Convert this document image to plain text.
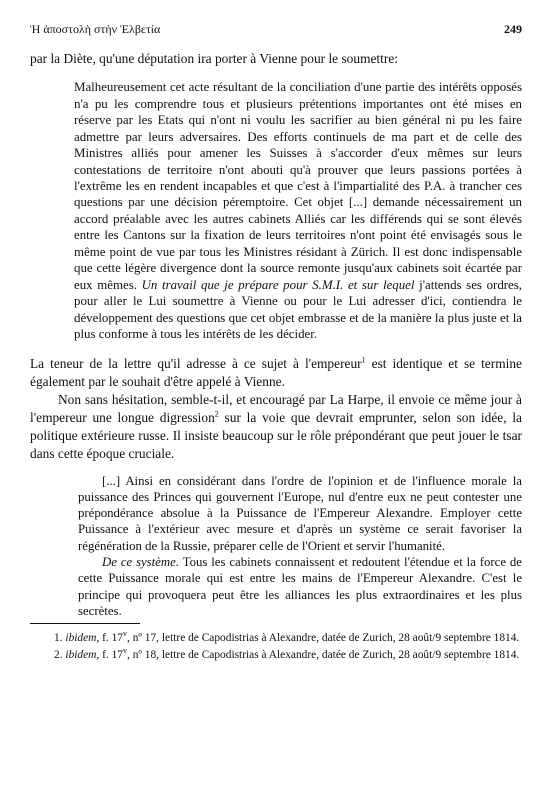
Ἡ ἀποστολὴ στὴν Ἑλβετία	249

par la Diète, qu'une députation ira porter à Vienne pour le soumettre:

Malheureusement cet acte résultant de la conciliation d'une partie des intérêts opposés n'a pu les comprendre tous et plusieurs prétentions importantes ont été mises en réserve par les Etats qui n'ont ni voulu les sacrifier au bien général ni pu les faire admettre par leurs adversaires. Des efforts continuels de ma part et de celle des Ministres alliés pour amener les Suisses à s'accorder d'eux mêmes sur leurs contestations de territoire n'ont abouti qu'à prouver que leurs passions portées à l'extrême les en rendent incapables et que c'est à l'impartialité des P.A. à trancher ces questions par une décision péremptoire. Cet objet [...] demande nécessairement un accord préalable avec les autres cabinets Alliés car les différends qui se sont élevés entre les Cantons sur la fixation de leurs territoires n'ont point été envisagés sous le même point de vue par tous les Ministres résidant à Zürich. Il est donc indispensable que cette légère divergence dont la source remonte jusqu'aux cabinets soit écartée par eux mêmes. Un travail que je prépare pour S.M.I. et sur lequel j'attends ses ordres, pour aller le Lui soumettre à Vienne ou pour le Lui adresser d'ici, contiendra le développement des questions que cet objet embrasse et de la manière la plus juste et la plus conforme à tous les intérêts de les décider.

La teneur de la lettre qu'il adresse à ce sujet à l'empereur$^1$ est identique et se termine également par le souhait d'être appelé à Vienne.

Non sans hésitation, semble-t-il, et encouragé par La Harpe, il envoie ce même jour à l'empereur une longue digression$^2$ sur la voie que devrait emprunter, selon son idée, la politique extérieure russe. Il insiste beaucoup sur le rôle prépondérant que peut jouer le tsar dans cette époque cruciale.

[...] Ainsi en considérant dans l'ordre de l'opinion et de l'influence morale la puissance des Princes qui gouvernent l'Europe, nul d'entre eux ne peut contester une prépondérance absolue à la Puissance de l'Empereur Alexandre. Employer cette Puissance à l'extérieur avec mesure et d'après un système ce serait favoriser la régénération de la Russie, préparer celle de l'Orient et servir l'humanité.

De ce système. Tous les cabinets connaissent et redoutent l'étendue et la force de cette Puissance morale qui est entre les mains de l'Empereur Alexandre. C'est le principe qui provoquera peut être les alliances les plus extraordinaires et les plus secrètes.

1. ibidem, f. 17$^v$, nº 17, lettre de Capodistrias à Alexandre, datée de Zurich, 28 août/9 septembre 1814.

2. ibidem, f. 17$^v$, nº 18, lettre de Capodistrias à Alexandre, datée de Zurich, 28 août/9 septembre 1814.
